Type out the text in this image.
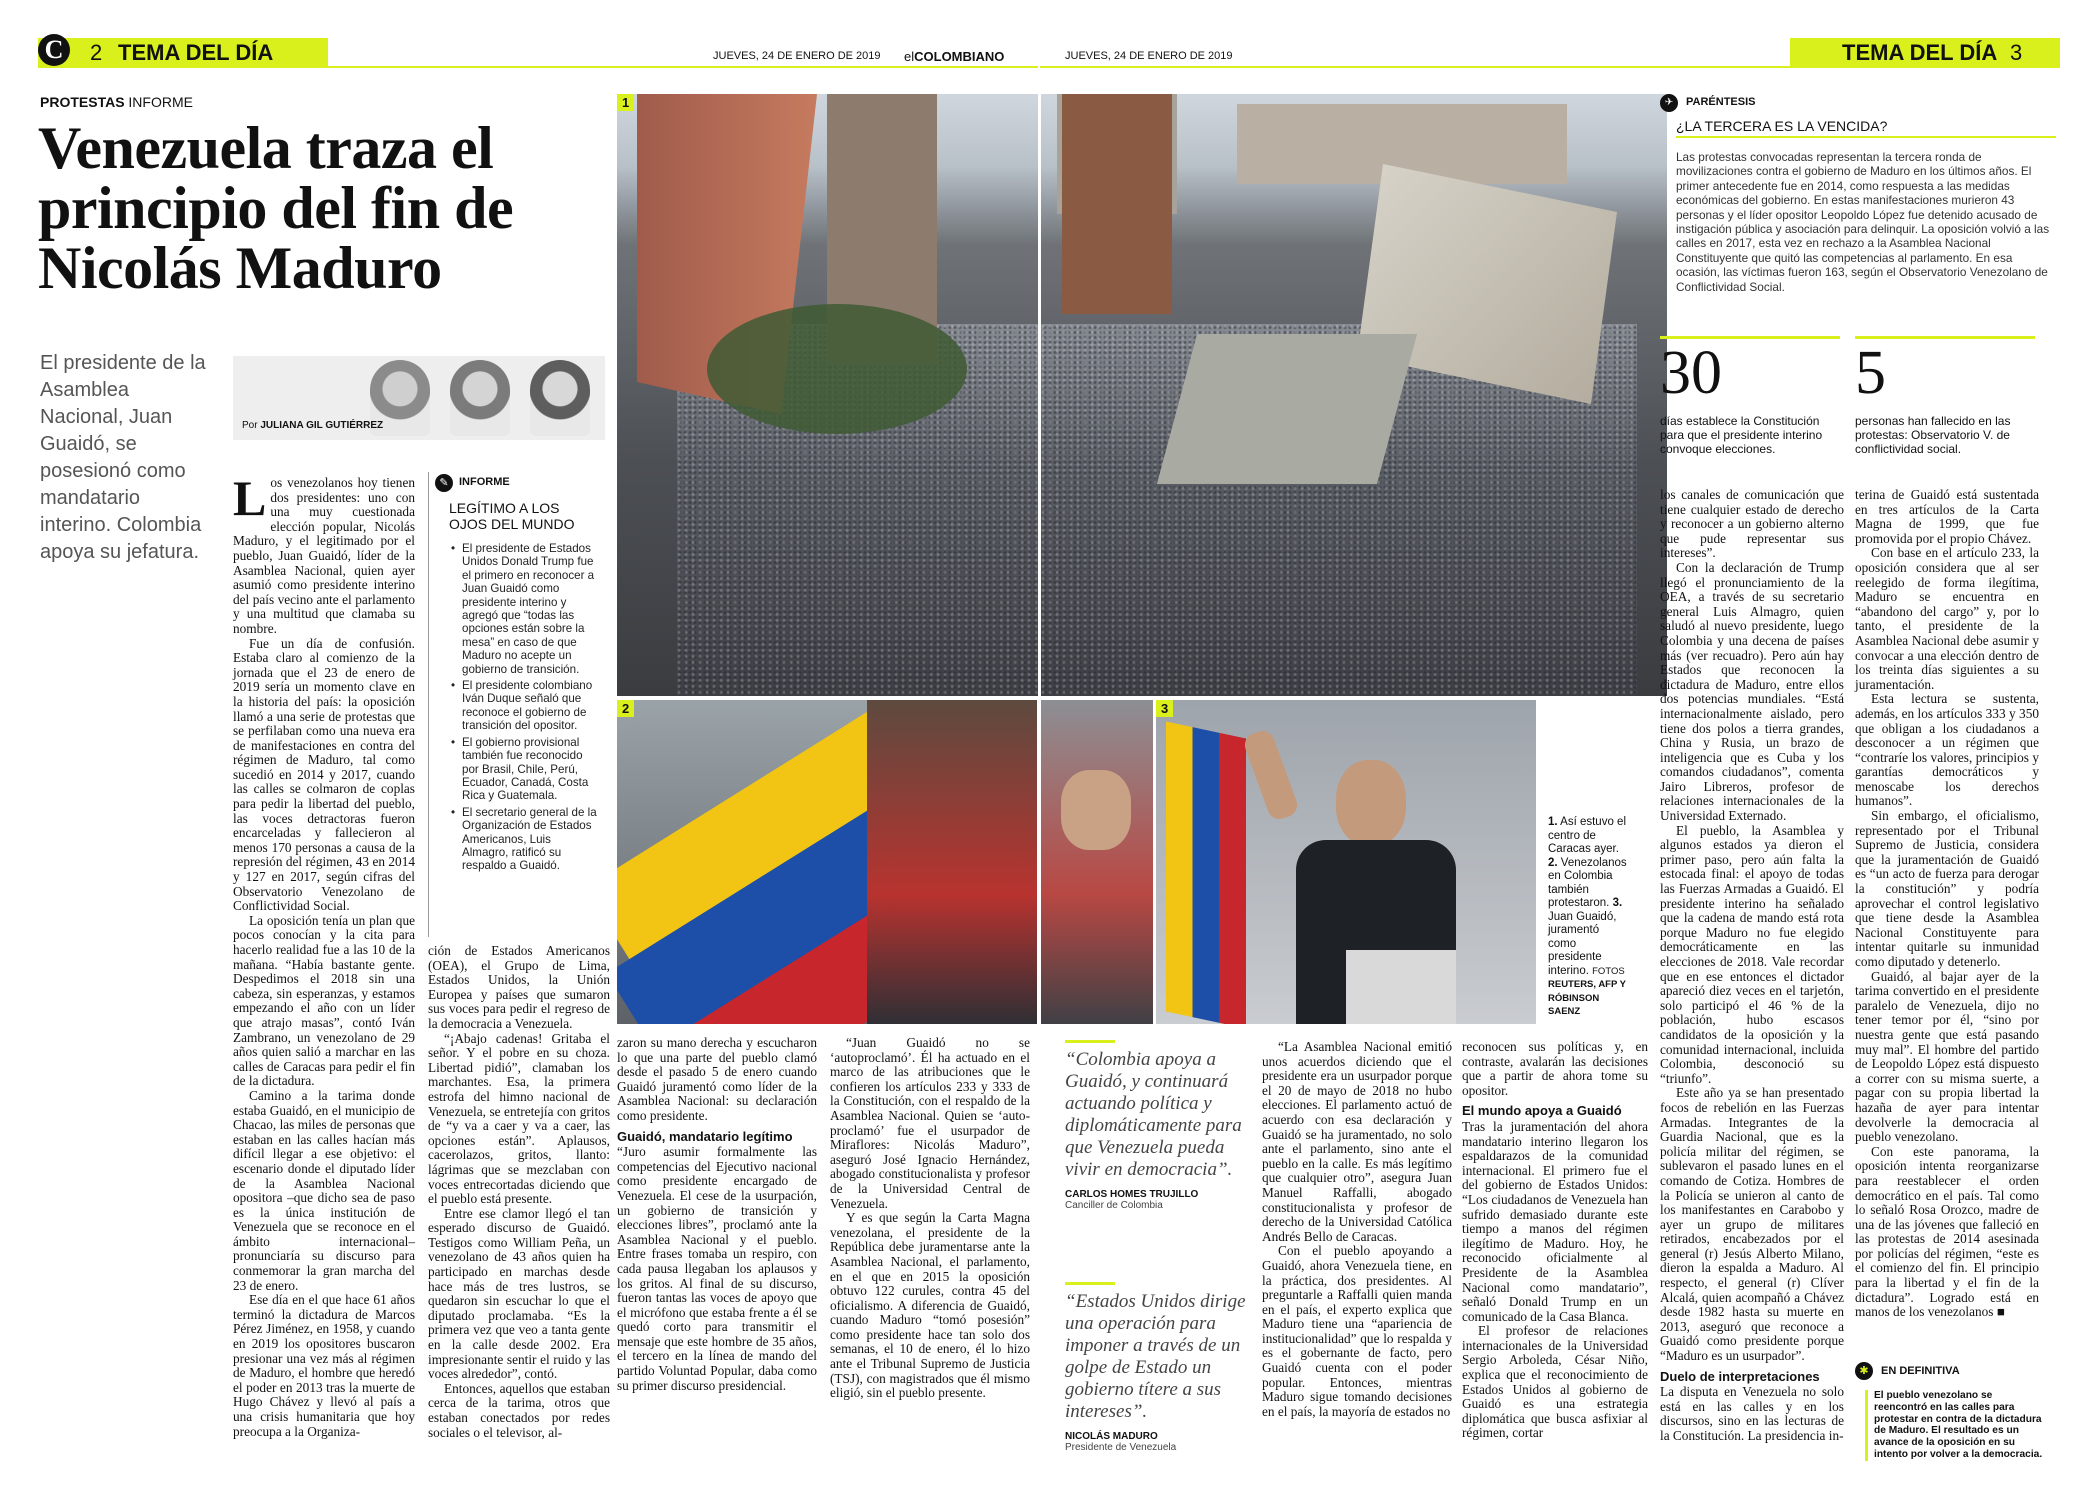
C	2 TEMA DEL DÍA	JUEVES, 24 DE ENERO DE 2019 elCOLOMBIANO	JUEVES, 24 DE ENERO DE 2019	TEMA DEL DÍA 3
PROTESTAS INFORME
Venezuela traza el principio del fin de Nicolás Maduro
El presidente de la Asamblea Nacional, Juan Guaidó, se posesionó como mandatario interino. Colombia apoya su jefatura.
Por JULIANA GIL GUTIÉRREZ
L os venezolanos hoy tienen dos presidentes: uno con una muy cuestionada elección popular, Nicolás Maduro, y el legitimado por el pueblo, Juan Guaidó, líder de la Asamblea Nacional, quien ayer asumió como presidente interino del país vecino ante el parlamento y una multitud que clamaba su nombre.

Fue un día de confusión. Estaba claro al comienzo de la jornada que el 23 de enero de 2019 sería un momento clave en la historia del país: la oposición llamó a una serie de protestas que se perfilaban como una nueva era de manifestaciones en contra del régimen de Maduro, tal como sucedió en 2014 y 2017, cuando las calles se colmaron de coplas para pedir la libertad del pueblo, las voces detractoras fueron encarceladas y fallecieron al menos 170 personas a causa de la represión del régimen, 43 en 2014 y 127 en 2017, según cifras del Observatorio Venezolano de Conflictividad Social.

La oposición tenía un plan que pocos conocían y la cita para hacerlo realidad fue a las 10 de la mañana. “Había bastante gente. Despedimos el 2018 sin una cabeza, sin esperanzas, y estamos empezando el año con un líder que atrajo masas”, contó Iván Zambrano, un venezolano de 29 años quien salió a marchar en las calles de Caracas para pedir el fin de la dictadura.

Camino a la tarima donde estaba Guaidó, en el municipio de Chacao, las miles de personas que estaban en las calles hacían más difícil llegar a ese objetivo: el escenario donde el diputado líder de la Asamblea Nacional opositora –que dicho sea de paso es la única institución de Venezuela que se reconoce en el ámbito internacional– pronunciaría su discurso para conmemorar la gran marcha del 23 de enero.

Ese día en el que hace 61 años terminó la dictadura de Marcos Pérez Jiménez, en 1958, y cuando en 2019 los opositores buscaron presionar una vez más al régimen de Maduro, el hombre que heredó el poder en 2013 tras la muerte de Hugo Chávez y llevó al país a una crisis humanitaria que hoy preocupa a la Organiza-

✎ INFORME
LEGÍTIMO A LOS OJOS DEL MUNDO
• El presidente de Estados Unidos Donald Trump fue el primero en reconocer a Juan Guaidó como presidente interino y agregó que “todas las opciones están sobre la mesa” en caso de que Maduro no acepte un gobierno de transición.
• El presidente colombiano Iván Duque señaló que reconoce el gobierno de transición del opositor.
• El gobierno provisional también fue reconocido por Brasil, Chile, Perú, Ecuador, Canadá, Costa Rica y Guatemala.
• El secretario general de la Organización de Estados Americanos, Luis Almagro, ratificó su respaldo a Guaidó.

ción de Estados Americanos (OEA), el Grupo de Lima, Estados Unidos, la Unión Europea y países que sumaron sus voces para pedir el regreso de la democracia a Venezuela.

“¡Abajo cadenas! Gritaba el señor. Y el pobre en su choza. Libertad pidió”, clamaban los marchantes. Esa, la primera estrofa del himno nacional de Venezuela, se entretejía con gritos de “y va a caer y va a caer, las opciones están”. Aplausos, cacerolazos, gritos, llanto: lágrimas que se mezclaban con voces entrecortadas diciendo que el pueblo está presente.

Entre ese clamor llegó el tan esperado discurso de Guaidó. Testigos como William Peña, un venezolano de 43 años quien ha participado en marchas desde hace más de tres lustros, se quedaron sin escuchar lo que el diputado proclamaba. “Es la primera vez que veo a tanta gente en la calle desde 2002. Era impresionante sentir el ruido y las voces alrededor”, contó.

Entonces, aquellos que estaban cerca de la tarima, otros que estaban conectados por redes sociales o el televisor, al-

1
2	3
1. Así estuvo el centro de Caracas ayer. 2. Venezolanos en Colombia también protestaron. 3. Juan Guaidó, juramentó como presidente interino. FOTOS REUTERS, AFP Y RÓBINSON SAENZ

zaron su mano derecha y escucharon lo que una parte del pueblo clamó desde el pasado 5 de enero cuando Guaidó juramentó como líder de la Asamblea Nacional: su declaración como presidente.

Guaidó, mandatario legítimo

“Juro asumir formalmente las competencias del Ejecutivo nacional como presidente encargado de Venezuela. El cese de la usurpación, un gobierno de transición y elecciones libres”, proclamó ante la Asamblea Nacional y el pueblo. Entre frases tomaba un respiro, con cada pausa llegaban los aplausos y los gritos. Al final de su discurso, fueron tantas las voces de apoyo que el micrófono que estaba frente a él se quedó corto para transmitir el mensaje que este hombre de 35 años, el tercero en la línea de mando del partido Voluntad Popular, daba como su primer discurso presidencial.

“Juan Guaidó no se ‘autoproclamó’. Él ha actuado en el marco de las atribuciones que le confieren los artículos 233 y 333 de la Constitución, con el respaldo de la Asamblea Nacional. Quien se ‘auto-proclamó’ fue el usurpador de Miraflores: Nicolás Maduro”, aseguró José Ignacio Hernández, abogado constitucionalista y profesor de la Universidad Central de Venezuela.

Y es que según la Carta Magna venezolana, el presidente de la República debe juramentarse ante la Asamblea Nacional, el parlamento, en el que en 2015 la oposición obtuvo 122 curules, contra 45 del oficialismo. A diferencia de Guaidó, cuando Maduro “tomó posesión” como presidente hace tan solo dos semanas, el 10 de enero, él lo hizo ante el Tribunal Supremo de Justicia (TSJ), con magistrados que él mismo eligió, sin el pueblo presente.

“Colombia apoya a Guaidó, y continuará actuando política y diplomáticamente para que Venezuela pueda vivir en democracia”.
CARLOS HOMES TRUJILLO
Canciller de Colombia
“Estados Unidos dirige una operación para imponer a través de un golpe de Estado un gobierno títere a sus intereses”.
NICOLÁS MADURO
Presidente de Venezuela

“La Asamblea Nacional emitió unos acuerdos diciendo que el presidente era un usurpador porque el 20 de mayo de 2018 no hubo elecciones. El parlamento actuó de acuerdo con esa declaración y Guaidó se ha juramentado, no solo ante el parlamento, sino ante el pueblo en la calle. Es más legítimo que cualquier otro”, asegura Juan Manuel Raffalli, abogado constitucionalista y profesor de derecho de la Universidad Católica Andrés Bello de Caracas.

Con el pueblo apoyando a Guaidó, ahora Venezuela tiene, en la práctica, dos presidentes. Al preguntarle a Raffalli quien manda en el país, el experto explica que Maduro tiene una “apariencia de institucionalidad” que lo respalda y es el gobernante de facto, pero Guaidó cuenta con el poder popular. Entonces, mientras Maduro sigue tomando decisiones en el país, la mayoría de estados no

reconocen sus políticas y, en contraste, avalarán las decisiones que a partir de ahora tome su opositor.

El mundo apoya a Guaidó

Tras la juramentación del ahora mandatario interino llegaron los espaldarazos de la comunidad internacional. El primero fue el del gobierno de Estados Unidos: “Los ciudadanos de Venezuela han sufrido demasiado durante este tiempo a manos del régimen ilegítimo de Maduro. Hoy, he reconocido oficialmente al Presidente de la Asamblea Nacional como mandatario”, señaló Donald Trump en un comunicado de la Casa Blanca.

El profesor de relaciones internacionales de la Universidad Sergio Arboleda, César Niño, explica que el reconocimiento de Estados Unidos al gobierno de Guaidó es una estrategia diplomática que busca asfixiar al régimen, cortar

✈	PARÉNTESIS
¿LA TERCERA ES LA VENCIDA?
Las protestas convocadas representan la tercera ronda de movilizaciones contra el gobierno de Maduro en los últimos años. El primer antecedente fue en 2014, como respuesta a las medidas económicas del gobierno. En estas manifestaciones murieron 43 personas y el líder opositor Leopoldo López fue detenido acusado de instigación pública y asociación para delinquir. La oposición volvió a las calles en 2017, esta vez en rechazo a la Asamblea Nacional Constituyente que quitó las competencias al parlamento. En esa ocasión, las víctimas fueron 163, según el Observatorio Venezolano de Conflictividad Social.
30
días establece la Constitución para que el presidente interino convoque elecciones.
5
personas han fallecido en las protestas: Observatorio V. de conflictividad social.

los canales de comunicación que tiene cualquier estado de derecho y reconocer a un gobierno alterno que pude representar sus intereses”.

Con la declaración de Trump llegó el pronunciamiento de la OEA, a través de su secretario general Luis Almagro, quien saludó al nuevo presidente, luego Colombia y una decena de países más (ver recuadro). Pero aún hay Estados que reconocen la dictadura de Maduro, entre ellos dos potencias mundiales. “Está internacionalmente aislado, pero tiene dos polos a tierra grandes, China y Rusia, un brazo de inteligencia que es Cuba y los comandos ciudadanos”, comenta Jairo Libreros, profesor de relaciones internacionales de la Universidad Externado.

El pueblo, la Asamblea y algunos estados ya dieron el primer paso, pero aún falta la estocada final: el apoyo de todas las Fuerzas Armadas a Guaidó. El presidente interino ha señalado que la cadena de mando está rota porque Maduro no fue elegido democráticamente en las elecciones de 2018. Vale recordar que en ese entonces el dictador apareció diez veces en el tarjetón, solo participó el 46 % de la población, hubo escasos candidatos de la oposición y la comunidad internacional, incluida Colombia, desconoció su “triunfo”.

Este año ya se han presentado focos de rebelión en las Fuerzas Armadas. Integrantes de la Guardia Nacional, que es la policía militar del régimen, se sublevaron el pasado lunes en el comando de Cotiza. Hombres de la Policía se unieron al canto de los manifestantes en Carabobo y ayer un grupo de militares retirados, encabezados por el general (r) Jesús Alberto Milano, dieron la espalda a Maduro. Al respecto, el general (r) Clíver Alcalá, quien acompañó a Chávez desde 1982 hasta su muerte en 2013, aseguró que reconoce a Guaidó como presidente porque “Maduro es un usurpador”.

Duelo de interpretaciones

La disputa en Venezuela no solo está en las calles y en los discursos, sino en las lecturas de la Constitución. La presidencia in-

terina de Guaidó está sustentada en tres artículos de la Carta Magna de 1999, que fue promovida por el propio Chávez.

Con base en el artículo 233, la oposición considera que al ser reelegido de forma ilegítima, Maduro se encuentra en “abandono del cargo” y, por lo tanto, el presidente de la Asamblea Nacional debe asumir y convocar a una elección dentro de los treinta días siguientes a su juramentación.

Esta lectura se sustenta, además, en los artículos 333 y 350 que obligan a los ciudadanos a desconocer a un régimen que “contraríe los valores, principios y garantías democráticos y menoscabe los derechos humanos”.

Sin embargo, el oficialismo, representado por el Tribunal Supremo de Justicia, considera que la juramentación de Guaidó es “un acto de fuerza para derogar la constitución” y podría aprovechar el control legislativo que tiene desde la Asamblea Nacional Constituyente para intentar quitarle su inmunidad como diputado y detenerlo.

Guaidó, al bajar ayer de la tarima convertido en el presidente paralelo de Venezuela, dijo no tener temor por él, “sino por nuestra gente que está pasando muy mal”. El hombre del partido de Leopoldo López está dispuesto a correr con su misma suerte, a pagar con su propia libertad la hazaña de ayer para intentar devolverle la democracia al pueblo venezolano.

Con este panorama, la oposición intenta reorganizarse para reestablecer el orden democrático en el país. Tal como lo señaló Rosa Orozco, madre de una de las jóvenes que falleció en las protestas de 2014 asesinada por policías del régimen, “este es el comienzo del fin. El principio para la libertad y el fin de la dictadura”. Logrado está en manos de los venezolanos ■

✱	EN DEFINITIVA
El pueblo venezolano se reencontró en las calles para protestar en contra de la dictadura de Maduro. El resultado es un avance de la oposición en su intento por volver a la democracia.
